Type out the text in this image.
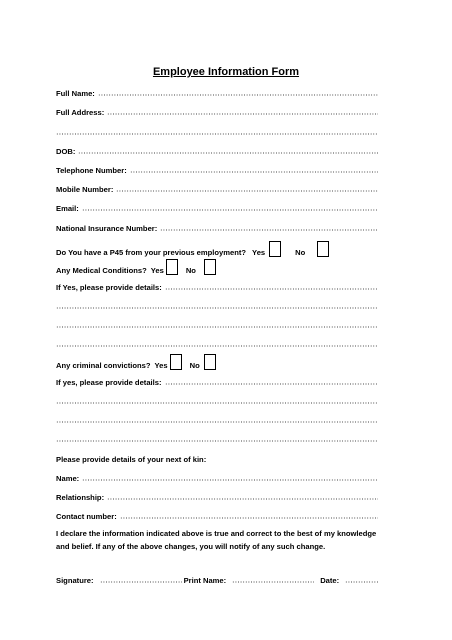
Employee Information Form
Full Name:
Full Address:
DOB:
Telephone Number:
Mobile Number:
Email:
National Insurance Number:
Do You have a P45 from your previous employment? Yes	No
Any Medical Conditions? Yes	No
If Yes, please provide details:
Any criminal convictions? Yes	No
If yes, please provide details:
Please provide details of your next of kin:
Name:
Relationship:
Contact number:
I declare the information indicated above is true and correct to the best of my knowledge and belief. If any of the above changes, you will notify of any such change.
Signature:	Print Name:	Date:
